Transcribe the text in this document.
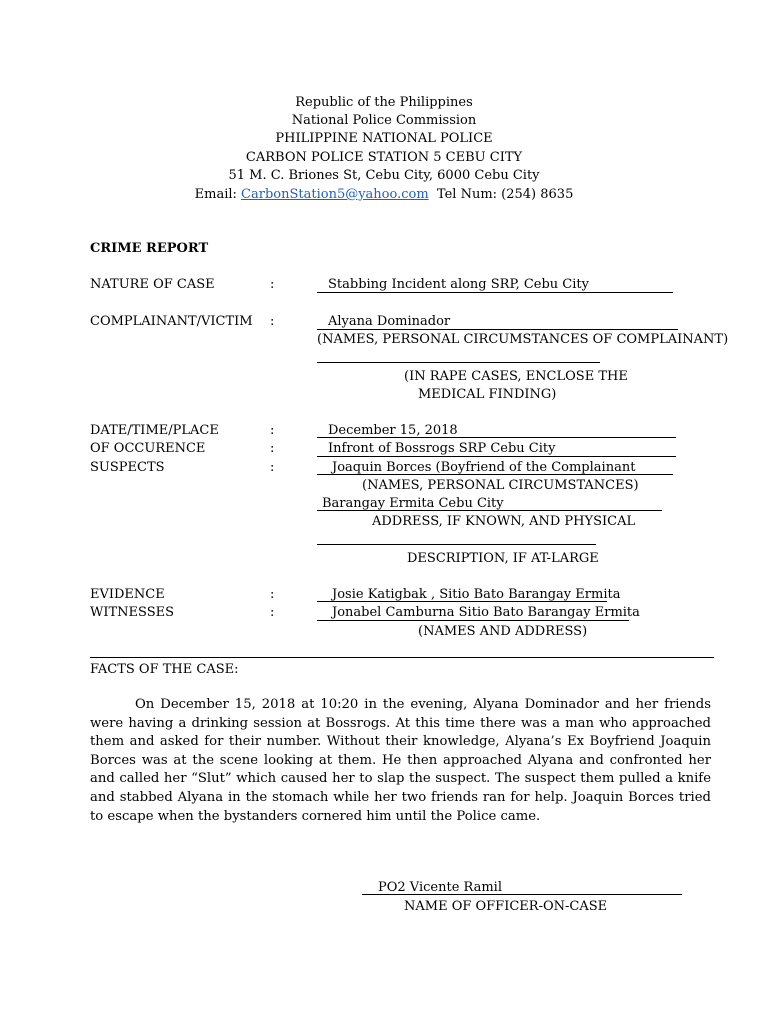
Republic of the Philippines
National Police Commission
PHILIPPINE NATIONAL POLICE
CARBON POLICE STATION 5 CEBU CITY
51 M. C. Briones St, Cebu City, 6000 Cebu City
Email: CarbonStation5@yahoo.com  Tel Num: (254) 8635
CRIME REPORT
NATURE OF CASE	:	Stabbing Incident along SRP, Cebu City
COMPLAINANT/VICTIM :	Alyana Dominador
(NAMES, PERSONAL CIRCUMSTANCES OF COMPLAINANT)
(IN RAPE CASES, ENCLOSE THE
MEDICAL FINDING)
DATE/TIME/PLACE	:	December 15, 2018
OF OCCURENCE	:	Infront of Bossrogs SRP Cebu City
SUSPECTS	:	Joaquin Borces (Boyfriend of the Complainant
(NAMES, PERSONAL CIRCUMSTANCES)
Barangay Ermita Cebu City
ADDRESS, IF KNOWN, AND PHYSICAL
DESCRIPTION, IF AT-LARGE
EVIDENCE	:	Josie Katigbak , Sitio Bato Barangay Ermita
WITNESSES	:	Jonabel Camburna Sitio Bato Barangay Ermita
(NAMES AND ADDRESS)
FACTS OF THE CASE:
On December 15, 2018 at 10:20 in the evening, Alyana Dominador and her friends were having a drinking session at Bossrogs. At this time there was a man who approached them and asked for their number. Without their knowledge, Alyana’s Ex Boyfriend Joaquin Borces was at the scene looking at them. He then approached Alyana and confronted her and called her “Slut” which caused her to slap the suspect. The suspect them pulled a knife and stabbed Alyana in the stomach while her two friends ran for help. Joaquin Borces tried to escape when the bystanders cornered him until the Police came.
PO2 Vicente Ramil
NAME OF OFFICER-ON-CASE
